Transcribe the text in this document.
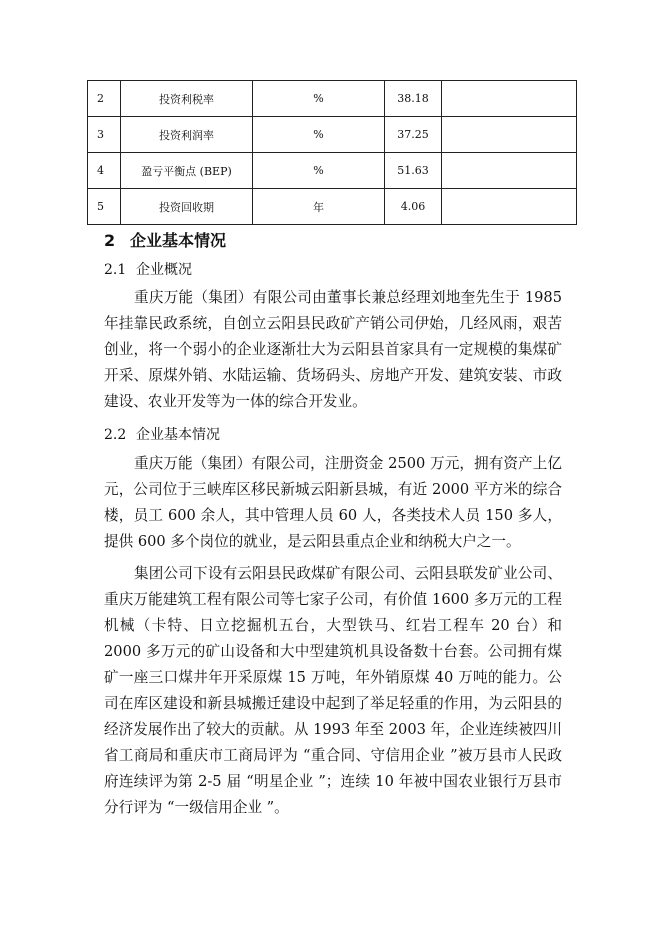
2	投资利税率	%	38.18	
3	投资利润率	%	37.25	
4	盈亏平衡点 (BEP)	%	51.63	
5	投资回收期	年	4.06	
2 企业基本情况
2.1 企业概况

重庆万能（集团）有限公司由董事长兼总经理刘地奎先生于 1985 年挂靠民政系统，自创立云阳县民政矿产销公司伊始，几经风雨，艰苦创业，将一个弱小的企业逐渐壮大为云阳县首家具有一定规模的集煤矿开采、原煤外销、水陆运输、货场码头、房地产开发、建筑安装、市政建设、农业开发等为一体的综合开发业。

2.2 企业基本情况

重庆万能（集团）有限公司，注册资金 2500 万元，拥有资产上亿元，公司位于三峡库区移民新城云阳新县城，有近 2000 平方米的综合楼，员工 600 余人，其中管理人员 60 人，各类技术人员 150 多人，提供 600 多个岗位的就业，是云阳县重点企业和纳税大户之一。

集团公司下设有云阳县民政煤矿有限公司、云阳县联发矿业公司、重庆万能建筑工程有限公司等七家子公司，有价值 1600 多万元的工程机械（卡特、日立挖掘机五台，大型铁马、红岩工程车 20 台）和 2000 多万元的矿山设备和大中型建筑机具设备数十台套。公司拥有煤矿一座三口煤井年开采原煤 15 万吨，年外销原煤 40 万吨的能力。公司在库区建设和新县城搬迁建设中起到了举足轻重的作用，为云阳县的经济发展作出了较大的贡献。从 1993 年至 2003 年，企业连续被四川省工商局和重庆市工商局评为 “重合同、守信用企业 ”被万县市人民政府连续评为第 2-5 届 “明星企业 ”；连续 10 年被中国农业银行万县市分行评为 “一级信用企业 ”。
